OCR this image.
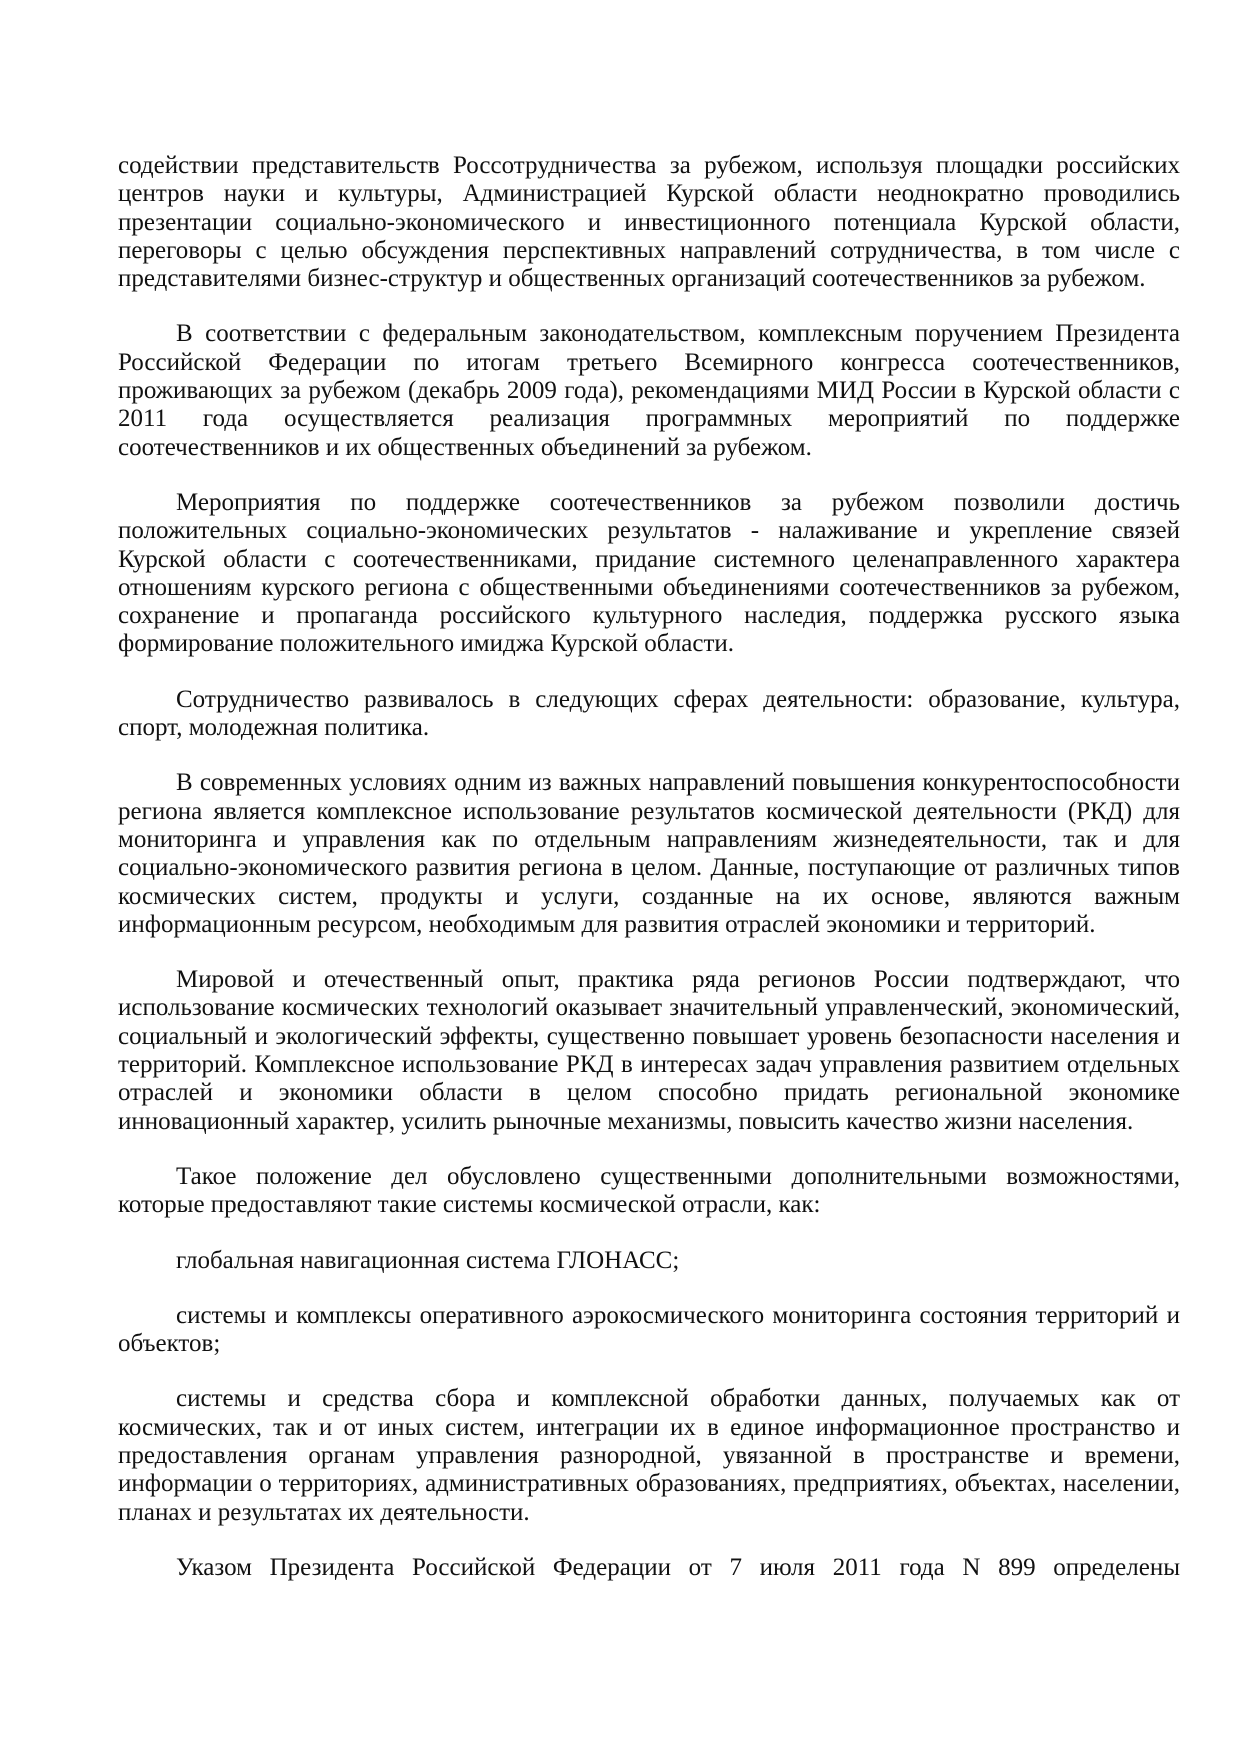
содействии представительств Россотрудничества за рубежом, используя площадки российских
центров науки и культуры, Администрацией Курской области неоднократно проводились
презентации социально-экономического и инвестиционного потенциала Курской области,
переговоры с целью обсуждения перспективных направлений сотрудничества, в том числе с
представителями бизнес-структур и общественных организаций соотечественников за рубежом.
В соответствии с федеральным законодательством, комплексным поручением Президента
Российской Федерации по итогам третьего Всемирного конгресса соотечественников,
проживающих за рубежом (декабрь 2009 года), рекомендациями МИД России в Курской области с
2011 года осуществляется реализация программных мероприятий по поддержке
соотечественников и их общественных объединений за рубежом.
Мероприятия по поддержке соотечественников за рубежом позволили достичь
положительных социально-экономических результатов - налаживание и укрепление связей
Курской области с соотечественниками, придание системного целенаправленного характера
отношениям курского региона с общественными объединениями соотечественников за рубежом,
сохранение и пропаганда российского культурного наследия, поддержка русского языка
формирование положительного имиджа Курской области.
Сотрудничество развивалось в следующих сферах деятельности: образование, культура,
спорт, молодежная политика.
В современных условиях одним из важных направлений повышения конкурентоспособности
региона является комплексное использование результатов космической деятельности (РКД) для
мониторинга и управления как по отдельным направлениям жизнедеятельности, так и для
социально-экономического развития региона в целом. Данные, поступающие от различных типов
космических систем, продукты и услуги, созданные на их основе, являются важным
информационным ресурсом, необходимым для развития отраслей экономики и территорий.
Мировой и отечественный опыт, практика ряда регионов России подтверждают, что
использование космических технологий оказывает значительный управленческий, экономический,
социальный и экологический эффекты, существенно повышает уровень безопасности населения и
территорий. Комплексное использование РКД в интересах задач управления развитием отдельных
отраслей и экономики области в целом способно придать региональной экономике
инновационный характер, усилить рыночные механизмы, повысить качество жизни населения.
Такое положение дел обусловлено существенными дополнительными возможностями,
которые предоставляют такие системы космической отрасли, как:
глобальная навигационная система ГЛОНАСС;
системы и комплексы оперативного аэрокосмического мониторинга состояния территорий и
объектов;
системы и средства сбора и комплексной обработки данных, получаемых как от
космических, так и от иных систем, интеграции их в единое информационное пространство и
предоставления органам управления разнородной, увязанной в пространстве и времени,
информации о территориях, административных образованиях, предприятиях, объектах, населении,
планах и результатах их деятельности.
Указом Президента Российской Федерации от 7 июля 2011 года N 899 определены
